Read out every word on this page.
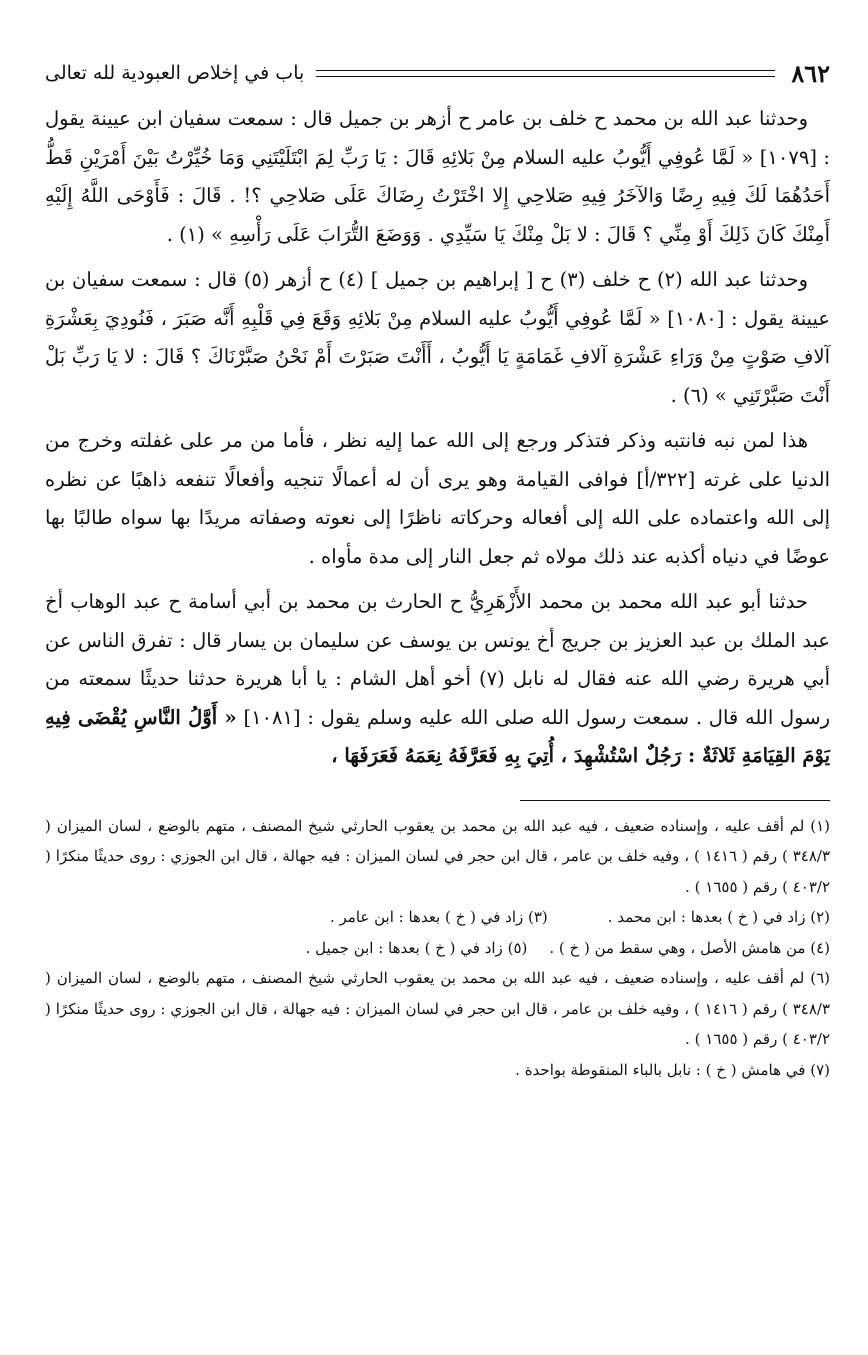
٨٦٢
باب في إخلاص العبودية لله تعالى

وحدثنا عبد الله بن محمد ح خلف بن عامر ح أزهر بن جميل قال : سمعت سفيان ابن عيينة يقول : [١٠٧٩] « لَمَّا عُوفِي أَيُّوبُ عليه السلام مِنْ بَلائِهِ قَالَ : يَا رَبِّ لِمَ ابْتَلَيْتَنِي وَمَا خُيِّرْتُ بَيْنَ أَمْرَيْنِ قَطُّ أَحَدُهُمَا لَكَ فِيهِ رِضًا وَالآخَرُ فِيهِ صَلاحِي إِلا اخْتَرْتُ رِضَاكَ عَلَى صَلاحِي ؟! . قَالَ : فَأَوْحَى اللَّهُ إِلَيْهِ أَمِنْكَ كَانَ ذَلِكَ أَوْ مِنِّي ؟ قَالَ : لا بَلْ مِنْكَ يَا سَيِّدِي . وَوَضَعَ التُّرَابَ عَلَى رَأْسِهِ » (١) .

وحدثنا عبد الله (٢) ح خلف (٣) ح [ إبراهيم بن جميل ] (٤) ح أزهر (٥) قال : سمعت سفيان بن عيينة يقول : [١٠٨٠] « لَمَّا عُوفِي أَيُّوبُ عليه السلام مِنْ بَلائِهِ وَقَعَ فِي قَلْبِهِ أَنَّه صَبَرَ ، فَنُودِيَ بِعَشْرَةِ آلافِ صَوْتٍ مِنْ وَرَاءِ عَشْرَةِ آلافِ غَمَامَةٍ يَا أَيُّوبُ ، أَأَنْتَ صَبَرْتَ أَمْ نَحْنُ صَبَّرْنَاكَ ؟ قَالَ : لا يَا رَبِّ بَلْ أَنْتَ صَبَّرْتَنِي » (٦) .

هذا لمن نبه فانتبه وذكر فتذكر ورجع إلى الله عما إليه نظر ، فأما من مر على غفلته وخرج من الدنيا على غرته [٣٢٢/أ] فوافى القيامة وهو يرى أن له أعمالًا تنجيه وأفعالًا تنفعه ذاهبًا عن نظره إلى الله واعتماده على الله إلى أفعاله وحركاته ناظرًا إلى نعوته وصفاته مريدًا بها سواه طالبًا بها عوضًا في دنياه أكذبه عند ذلك مولاه ثم جعل النار إلى مدة مأواه .

حدثنا أبو عبد الله محمد بن محمد الأَزْهَرِيُّ ح الحارث بن محمد بن أبي أسامة ح عبد الوهاب أخ عبد الملك بن عبد العزيز بن جريج أخ يونس بن يوسف عن سليمان بن يسار قال : تفرق الناس عن أبي هريرة رضي الله عنه فقال له نابل (٧) أخو أهل الشام : يا أبا هريرة حدثنا حديثًا سمعته من رسول الله قال . سمعت رسول الله صلى الله عليه وسلم يقول : [١٠٨١] « أَوَّلُ النَّاسِ يُقْضَى فِيهِ يَوْمَ القِيَامَةِ ثَلاثَةٌ : رَجُلٌ اسْتُشْهِدَ ، أُتِيَ بِهِ فَعَرَّفَهُ نِعَمَهُ فَعَرَفَهَا ،

(١) لم أقف عليه ، وإسناده ضعيف ، فيه عبد الله بن محمد بن يعقوب الحارثي شيخ المصنف ، متهم بالوضع ، لسان الميزان ( ٣٤٨/٣ ) رقم ( ١٤١٦ ) ، وفيه خلف بن عامر ، قال ابن حجر في لسان الميزان : فيه جهالة ، قال ابن الجوزي : روى حديثًا منكرًا ( ٤٠٣/٢ ) رقم ( ١٦٥٥ ) .

(٢) زاد في ( خ ) بعدها : ابن محمد .
(٣) زاد في ( خ ) بعدها : ابن عامر .
(٤) من هامش الأصل ، وهي سقط من ( خ ) .
(٥) زاد في ( خ ) بعدها : ابن جميل .

(٦) لم أقف عليه ، وإسناده ضعيف ، فيه عبد الله بن محمد بن يعقوب الحارثي شيخ المصنف ، متهم بالوضع ، لسان الميزان ( ٣٤٨/٣ ) رقم ( ١٤١٦ ) ، وفيه خلف بن عامر ، قال ابن حجر في لسان الميزان : فيه جهالة ، قال ابن الجوزي : روى حديثًا منكرًا ( ٤٠٣/٢ ) رقم ( ١٦٥٥ ) .

(٧) في هامش ( خ ) : نابل بالباء المنقوطة بواحدة .
